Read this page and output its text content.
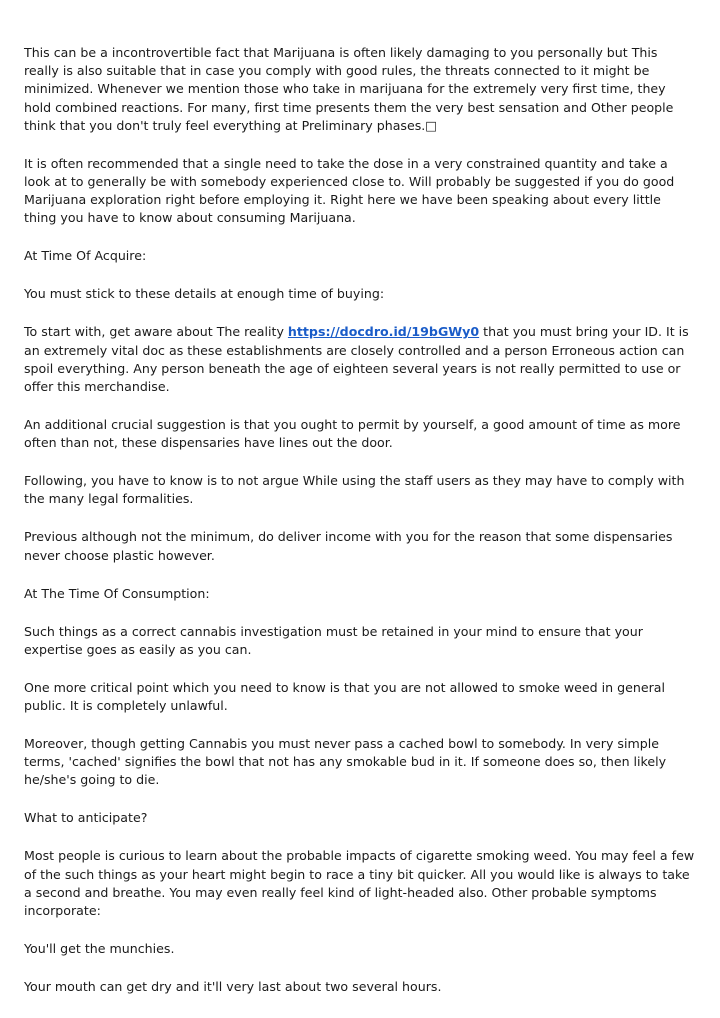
This can be a incontrovertible fact that Marijuana is often likely damaging to you personally but This really is also suitable that in case you comply with good rules, the threats connected to it might be minimized. Whenever we mention those who take in marijuana for the extremely very first time, they hold combined reactions. For many, first time presents them the very best sensation and Other people think that you don't truly feel everything at Preliminary phases.□

It is often recommended that a single need to take the dose in a very constrained quantity and take a look at to generally be with somebody experienced close to. Will probably be suggested if you do good Marijuana exploration right before employing it. Right here we have been speaking about every little thing you have to know about consuming Marijuana.

At Time Of Acquire:

You must stick to these details at enough time of buying:

To start with, get aware about The reality https://docdro.id/19bGWy0 that you must bring your ID. It is an extremely vital doc as these establishments are closely controlled and a person Erroneous action can spoil everything. Any person beneath the age of eighteen several years is not really permitted to use or offer this merchandise.

An additional crucial suggestion is that you ought to permit by yourself, a good amount of time as more often than not, these dispensaries have lines out the door.

Following, you have to know is to not argue While using the staff users as they may have to comply with the many legal formalities.

Previous although not the minimum, do deliver income with you for the reason that some dispensaries never choose plastic however.

At The Time Of Consumption:

Such things as a correct cannabis investigation must be retained in your mind to ensure that your expertise goes as easily as you can.

One more critical point which you need to know is that you are not allowed to smoke weed in general public. It is completely unlawful.

Moreover, though getting Cannabis you must never pass a cached bowl to somebody. In very simple terms, 'cached' signifies the bowl that not has any smokable bud in it. If someone does so, then likely he/she's going to die.

What to anticipate?

Most people is curious to learn about the probable impacts of cigarette smoking weed. You may feel a few of the such things as your heart might begin to race a tiny bit quicker. All you would like is always to take a second and breathe. You may even really feel kind of light-headed also. Other probable symptoms incorporate:

You'll get the munchies.

Your mouth can get dry and it'll very last about two several hours.
